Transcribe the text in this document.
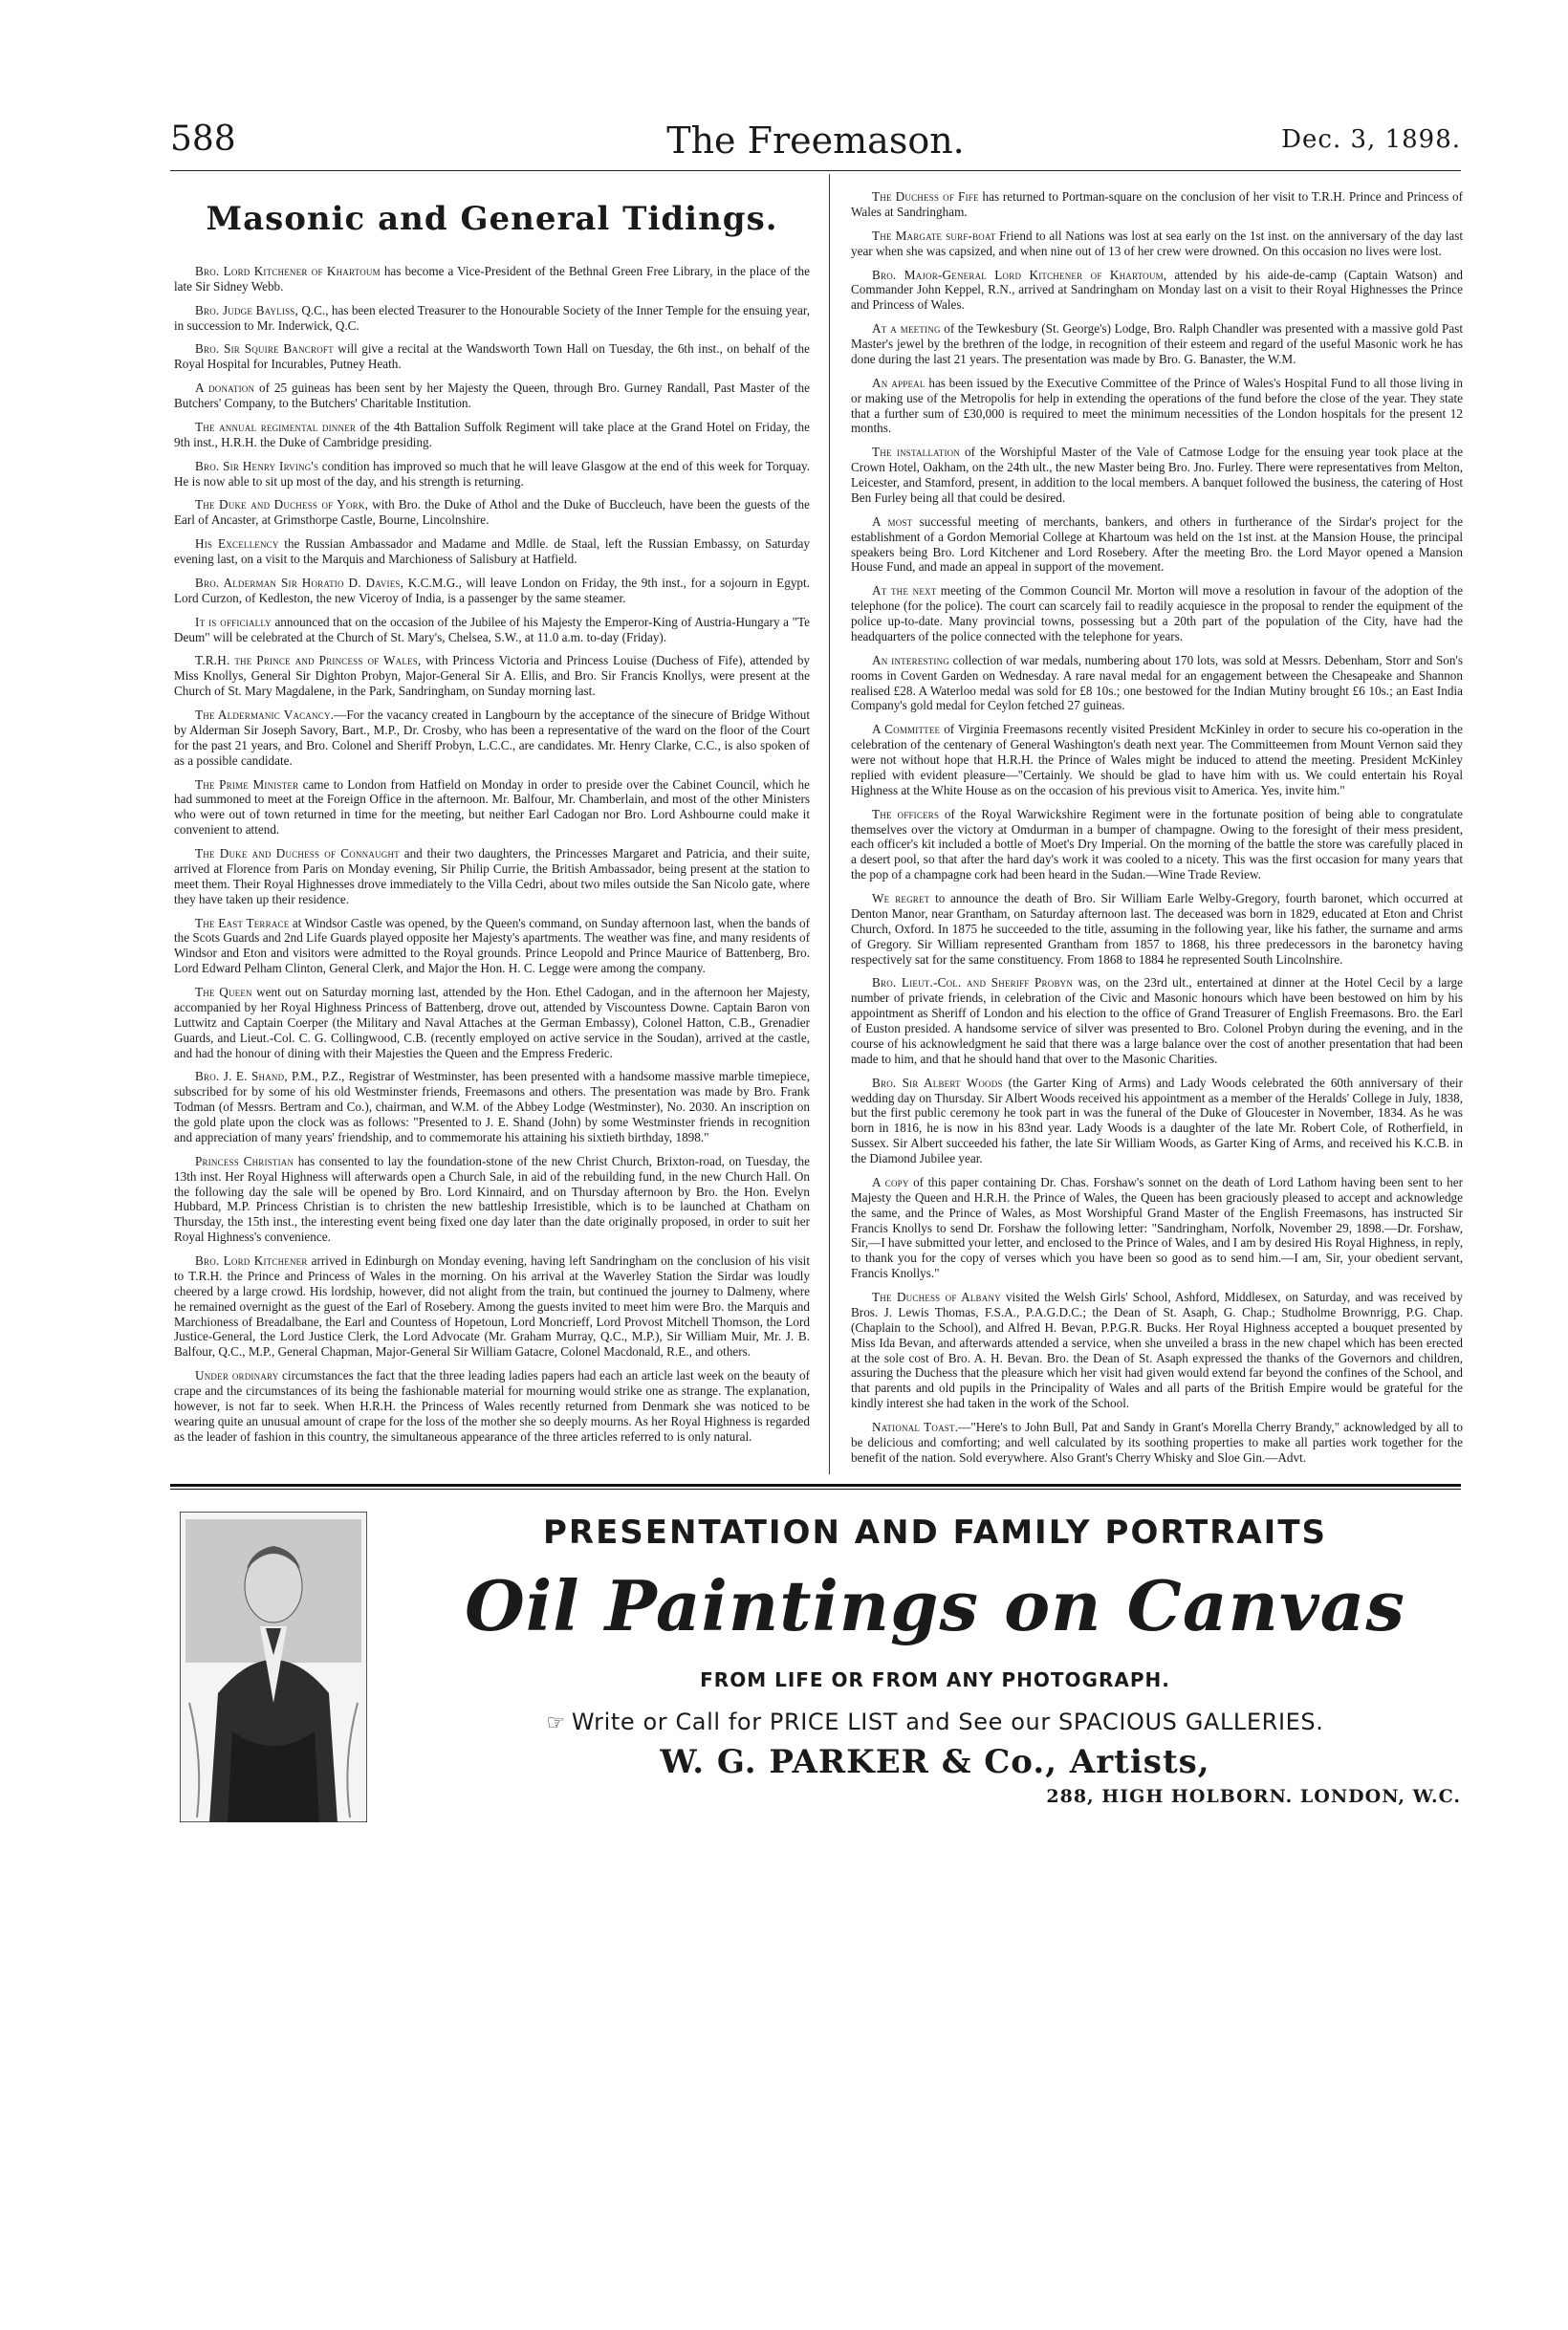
588	The Freemason.	Dec. 3, 1898.
Masonic and General Tidings.

Bro. Lord Kitchener of Khartoum has become a Vice-President of the Bethnal Green Free Library, in the place of the late Sir Sidney Webb.

Bro. Judge Bayliss, Q.C., has been elected Treasurer to the Honourable Society of the Inner Temple for the ensuing year, in succession to Mr. Inderwick, Q.C.

Bro. Sir Squire Bancroft will give a recital at the Wandsworth Town Hall on Tuesday, the 6th inst., on behalf of the Royal Hospital for Incurables, Putney Heath.

A donation of 25 guineas has been sent by her Majesty the Queen, through Bro. Gurney Randall, Past Master of the Butchers' Company, to the Butchers' Charitable Institution.

The annual regimental dinner of the 4th Battalion Suffolk Regiment will take place at the Grand Hotel on Friday, the 9th inst., H.R.H. the Duke of Cambridge presiding.

Bro. Sir Henry Irving's condition has improved so much that he will leave Glasgow at the end of this week for Torquay. He is now able to sit up most of the day, and his strength is returning.

The Duke and Duchess of York, with Bro. the Duke of Athol and the Duke of Buccleuch, have been the guests of the Earl of Ancaster, at Grimsthorpe Castle, Bourne, Lincolnshire.

His Excellency the Russian Ambassador and Madame and Mdlle. de Staal, left the Russian Embassy, on Saturday evening last, on a visit to the Marquis and Marchioness of Salisbury at Hatfield.

Bro. Alderman Sir Horatio D. Davies, K.C.M.G., will leave London on Friday, the 9th inst., for a sojourn in Egypt. Lord Curzon, of Kedleston, the new Viceroy of India, is a passenger by the same steamer.

It is officially announced that on the occasion of the Jubilee of his Majesty the Emperor-King of Austria-Hungary a "Te Deum" will be celebrated at the Church of St. Mary's, Chelsea, S.W., at 11.0 a.m. to-day (Friday).

T.R.H. the Prince and Princess of Wales, with Princess Victoria and Princess Louise (Duchess of Fife), attended by Miss Knollys, General Sir Dighton Probyn, Major-General Sir A. Ellis, and Bro. Sir Francis Knollys, were present at the Church of St. Mary Magdalene, in the Park, Sandringham, on Sunday morning last.

The Aldermanic Vacancy.—For the vacancy created in Langbourn by the acceptance of the sinecure of Bridge Without by Alderman Sir Joseph Savory, Bart., M.P., Dr. Crosby, who has been a representative of the ward on the floor of the Court for the past 21 years, and Bro. Colonel and Sheriff Probyn, L.C.C., are candidates. Mr. Henry Clarke, C.C., is also spoken of as a possible candidate.

The Prime Minister came to London from Hatfield on Monday in order to preside over the Cabinet Council, which he had summoned to meet at the Foreign Office in the afternoon. Mr. Balfour, Mr. Chamberlain, and most of the other Ministers who were out of town returned in time for the meeting, but neither Earl Cadogan nor Bro. Lord Ashbourne could make it convenient to attend.

The Duke and Duchess of Connaught and their two daughters, the Princesses Margaret and Patricia, and their suite, arrived at Florence from Paris on Monday evening, Sir Philip Currie, the British Ambassador, being present at the station to meet them. Their Royal Highnesses drove immediately to the Villa Cedri, about two miles outside the San Nicolo gate, where they have taken up their residence.

The East Terrace at Windsor Castle was opened, by the Queen's command, on Sunday afternoon last, when the bands of the Scots Guards and 2nd Life Guards played opposite her Majesty's apartments. The weather was fine, and many residents of Windsor and Eton and visitors were admitted to the Royal grounds. Prince Leopold and Prince Maurice of Battenberg, Bro. Lord Edward Pelham Clinton, General Clerk, and Major the Hon. H. C. Legge were among the company.

The Queen went out on Saturday morning last, attended by the Hon. Ethel Cadogan, and in the afternoon her Majesty, accompanied by her Royal Highness Princess of Battenberg, drove out, attended by Viscountess Downe. Captain Baron von Luttwitz and Captain Coerper (the Military and Naval Attaches at the German Embassy), Colonel Hatton, C.B., Grenadier Guards, and Lieut.-Col. C. G. Collingwood, C.B. (recently employed on active service in the Soudan), arrived at the castle, and had the honour of dining with their Majesties the Queen and the Empress Frederic.

Bro. J. E. Shand, P.M., P.Z., Registrar of Westminster, has been presented with a handsome massive marble timepiece, subscribed for by some of his old Westminster friends, Freemasons and others. The presentation was made by Bro. Frank Todman (of Messrs. Bertram and Co.), chairman, and W.M. of the Abbey Lodge (Westminster), No. 2030. An inscription on the gold plate upon the clock was as follows: "Presented to J. E. Shand (John) by some Westminster friends in recognition and appreciation of many years' friendship, and to commemorate his attaining his sixtieth birthday, 1898."

Princess Christian has consented to lay the foundation-stone of the new Christ Church, Brixton-road, on Tuesday, the 13th inst. Her Royal Highness will afterwards open a Church Sale, in aid of the rebuilding fund, in the new Church Hall. On the following day the sale will be opened by Bro. Lord Kinnaird, and on Thursday afternoon by Bro. the Hon. Evelyn Hubbard, M.P. Princess Christian is to christen the new battleship Irresistible, which is to be launched at Chatham on Thursday, the 15th inst., the interesting event being fixed one day later than the date originally proposed, in order to suit her Royal Highness's convenience.

Bro. Lord Kitchener arrived in Edinburgh on Monday evening, having left Sandringham on the conclusion of his visit to T.R.H. the Prince and Princess of Wales in the morning. On his arrival at the Waverley Station the Sirdar was loudly cheered by a large crowd. His lordship, however, did not alight from the train, but continued the journey to Dalmeny, where he remained overnight as the guest of the Earl of Rosebery. Among the guests invited to meet him were Bro. the Marquis and Marchioness of Breadalbane, the Earl and Countess of Hopetoun, Lord Moncrieff, Lord Provost Mitchell Thomson, the Lord Justice-General, the Lord Justice Clerk, the Lord Advocate (Mr. Graham Murray, Q.C., M.P.), Sir William Muir, Mr. J. B. Balfour, Q.C., M.P., General Chapman, Major-General Sir William Gatacre, Colonel Macdonald, R.E., and others.

Under ordinary circumstances the fact that the three leading ladies papers had each an article last week on the beauty of crape and the circumstances of its being the fashionable material for mourning would strike one as strange. The explanation, however, is not far to seek. When H.R.H. the Princess of Wales recently returned from Denmark she was noticed to be wearing quite an unusual amount of crape for the loss of the mother she so deeply mourns. As her Royal Highness is regarded as the leader of fashion in this country, the simultaneous appearance of the three articles referred to is only natural.

The Duchess of Fife has returned to Portman-square on the conclusion of her visit to T.R.H. Prince and Princess of Wales at Sandringham.

The Margate surf-boat Friend to all Nations was lost at sea early on the 1st inst. on the anniversary of the day last year when she was capsized, and when nine out of 13 of her crew were drowned. On this occasion no lives were lost.

Bro. Major-General Lord Kitchener of Khartoum, attended by his aide-de-camp (Captain Watson) and Commander John Keppel, R.N., arrived at Sandringham on Monday last on a visit to their Royal Highnesses the Prince and Princess of Wales.

At a meeting of the Tewkesbury (St. George's) Lodge, Bro. Ralph Chandler was presented with a massive gold Past Master's jewel by the brethren of the lodge, in recognition of their esteem and regard of the useful Masonic work he has done during the last 21 years. The presentation was made by Bro. G. Banaster, the W.M.

An appeal has been issued by the Executive Committee of the Prince of Wales's Hospital Fund to all those living in or making use of the Metropolis for help in extending the operations of the fund before the close of the year. They state that a further sum of £30,000 is required to meet the minimum necessities of the London hospitals for the present 12 months.

The installation of the Worshipful Master of the Vale of Catmose Lodge for the ensuing year took place at the Crown Hotel, Oakham, on the 24th ult., the new Master being Bro. Jno. Furley. There were representatives from Melton, Leicester, and Stamford, present, in addition to the local members. A banquet followed the business, the catering of Host Ben Furley being all that could be desired.

A most successful meeting of merchants, bankers, and others in furtherance of the Sirdar's project for the establishment of a Gordon Memorial College at Khartoum was held on the 1st inst. at the Mansion House, the principal speakers being Bro. Lord Kitchener and Lord Rosebery. After the meeting Bro. the Lord Mayor opened a Mansion House Fund, and made an appeal in support of the movement.

At the next meeting of the Common Council Mr. Morton will move a resolution in favour of the adoption of the telephone (for the police). The court can scarcely fail to readily acquiesce in the proposal to render the equipment of the police up-to-date. Many provincial towns, possessing but a 20th part of the population of the City, have had the headquarters of the police connected with the telephone for years.

An interesting collection of war medals, numbering about 170 lots, was sold at Messrs. Debenham, Storr and Son's rooms in Covent Garden on Wednesday. A rare naval medal for an engagement between the Chesapeake and Shannon realised £28. A Waterloo medal was sold for £8 10s.; one bestowed for the Indian Mutiny brought £6 10s.; an East India Company's gold medal for Ceylon fetched 27 guineas.

A Committee of Virginia Freemasons recently visited President McKinley in order to secure his co-operation in the celebration of the centenary of General Washington's death next year. The Committeemen from Mount Vernon said they were not without hope that H.R.H. the Prince of Wales might be induced to attend the meeting. President McKinley replied with evident pleasure—"Certainly. We should be glad to have him with us. We could entertain his Royal Highness at the White House as on the occasion of his previous visit to America. Yes, invite him."

The officers of the Royal Warwickshire Regiment were in the fortunate position of being able to congratulate themselves over the victory at Omdurman in a bumper of champagne. Owing to the foresight of their mess president, each officer's kit included a bottle of Moet's Dry Imperial. On the morning of the battle the store was carefully placed in a desert pool, so that after the hard day's work it was cooled to a nicety. This was the first occasion for many years that the pop of a champagne cork had been heard in the Sudan.—Wine Trade Review.

We regret to announce the death of Bro. Sir William Earle Welby-Gregory, fourth baronet, which occurred at Denton Manor, near Grantham, on Saturday afternoon last. The deceased was born in 1829, educated at Eton and Christ Church, Oxford. In 1875 he succeeded to the title, assuming in the following year, like his father, the surname and arms of Gregory. Sir William represented Grantham from 1857 to 1868, his three predecessors in the baronetcy having respectively sat for the same constituency. From 1868 to 1884 he represented South Lincolnshire.

Bro. Lieut.-Col. and Sheriff Probyn was, on the 23rd ult., entertained at dinner at the Hotel Cecil by a large number of private friends, in celebration of the Civic and Masonic honours which have been bestowed on him by his appointment as Sheriff of London and his election to the office of Grand Treasurer of English Freemasons. Bro. the Earl of Euston presided. A handsome service of silver was presented to Bro. Colonel Probyn during the evening, and in the course of his acknowledgment he said that there was a large balance over the cost of another presentation that had been made to him, and that he should hand that over to the Masonic Charities.

Bro. Sir Albert Woods (the Garter King of Arms) and Lady Woods celebrated the 60th anniversary of their wedding day on Thursday. Sir Albert Woods received his appointment as a member of the Heralds' College in July, 1838, but the first public ceremony he took part in was the funeral of the Duke of Gloucester in November, 1834. As he was born in 1816, he is now in his 83nd year. Lady Woods is a daughter of the late Mr. Robert Cole, of Rotherfield, in Sussex. Sir Albert succeeded his father, the late Sir William Woods, as Garter King of Arms, and received his K.C.B. in the Diamond Jubilee year.

A copy of this paper containing Dr. Chas. Forshaw's sonnet on the death of Lord Lathom having been sent to her Majesty the Queen and H.R.H. the Prince of Wales, the Queen has been graciously pleased to accept and acknowledge the same, and the Prince of Wales, as Most Worshipful Grand Master of the English Freemasons, has instructed Sir Francis Knollys to send Dr. Forshaw the following letter: "Sandringham, Norfolk, November 29, 1898.—Dr. Forshaw, Sir,—I have submitted your letter, and enclosed to the Prince of Wales, and I am by desired His Royal Highness, in reply, to thank you for the copy of verses which you have been so good as to send him.—I am, Sir, your obedient servant, Francis Knollys."

The Duchess of Albany visited the Welsh Girls' School, Ashford, Middlesex, on Saturday, and was received by Bros. J. Lewis Thomas, F.S.A., P.A.G.D.C.; the Dean of St. Asaph, G. Chap.; Studholme Brownrigg, P.G. Chap. (Chaplain to the School), and Alfred H. Bevan, P.P.G.R. Bucks. Her Royal Highness accepted a bouquet presented by Miss Ida Bevan, and afterwards attended a service, when she unveiled a brass in the new chapel which has been erected at the sole cost of Bro. A. H. Bevan. Bro. the Dean of St. Asaph expressed the thanks of the Governors and children, assuring the Duchess that the pleasure which her visit had given would extend far beyond the confines of the School, and that parents and old pupils in the Principality of Wales and all parts of the British Empire would be grateful for the kindly interest she had taken in the work of the School.

National Toast.—"Here's to John Bull, Pat and Sandy in Grant's Morella Cherry Brandy," acknowledged by all to be delicious and comforting; and well calculated by its soothing properties to make all parties work together for the benefit of the nation. Sold everywhere. Also Grant's Cherry Whisky and Sloe Gin.—Advt.

PRESENTATION AND FAMILY PORTRAITS
Oil Paintings on Canvas
FROM LIFE OR FROM ANY PHOTOGRAPH.
☞ Write or Call for PRICE LIST and See our SPACIOUS GALLERIES.
W. G. PARKER & Co., Artists,
288, HIGH HOLBORN. LONDON, W.C.
